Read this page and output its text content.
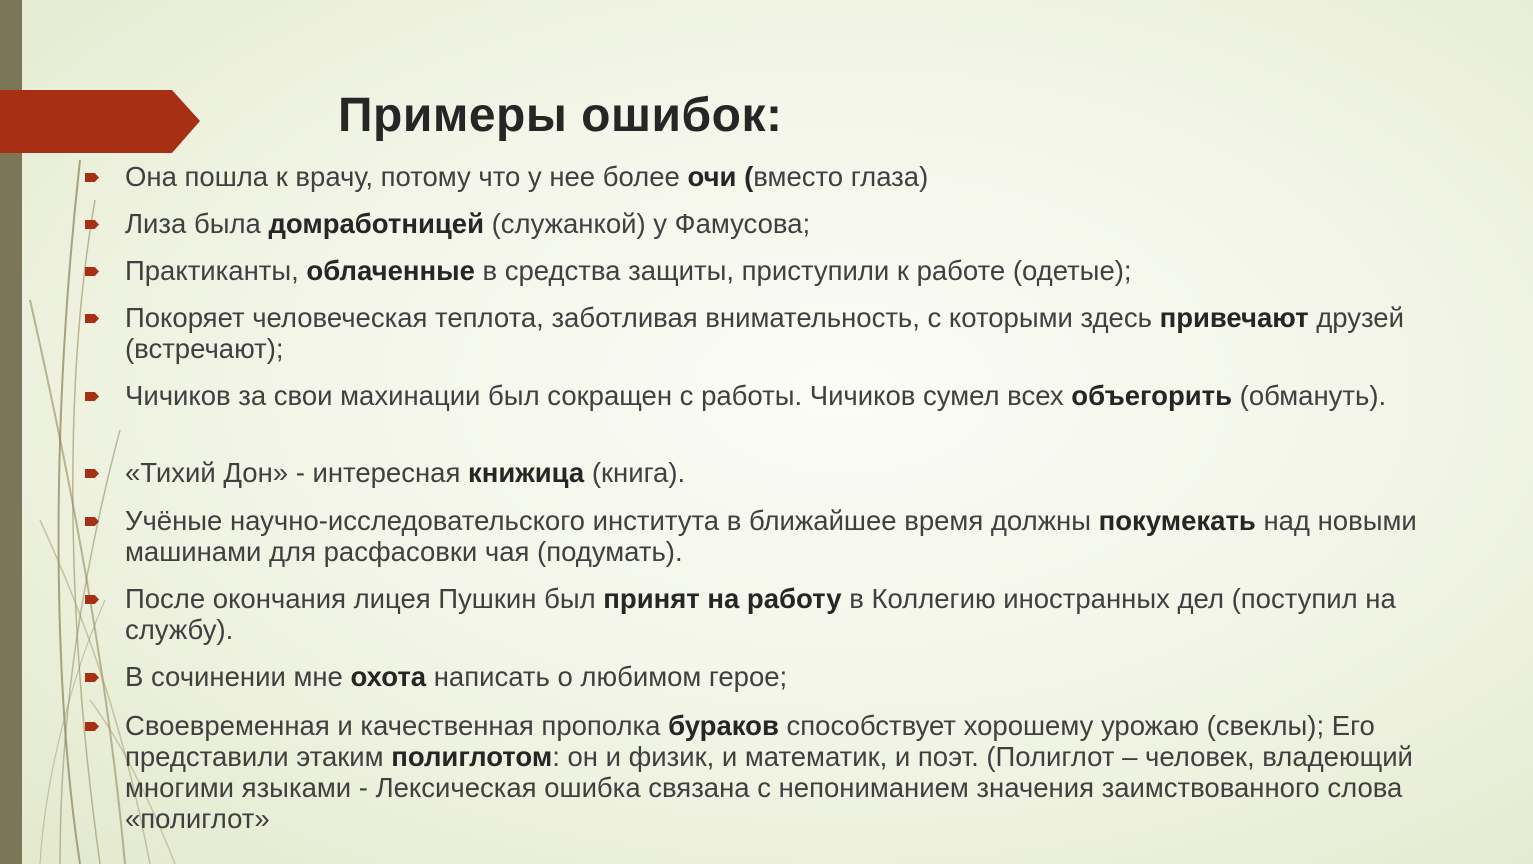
Примеры ошибок:
Она пошла к врачу, потому что у нее более очи (вместо глаза)
Лиза была домработницей (служанкой) у Фамусова;
Практиканты, облаченные в средства защиты, приступили к работе (одетые);
Покоряет человеческая теплота, заботливая внимательность, с которыми здесь привечают друзей (встречают);
Чичиков за свои махинации был сокращен с работы. Чичиков сумел всех объегорить (обмануть).
«Тихий Дон» - интересная книжица (книга).
Учёные научно-исследовательского института в ближайшее время должны покумекать над новыми машинами для расфасовки чая (подумать).
После окончания лицея Пушкин был принят на работу в Коллегию иностранных дел (поступил на службу).
В сочинении мне охота написать о любимом герое;
Своевременная и качественная прополка бураков способствует хорошему урожаю (свеклы); Его представили этаким полиглотом: он и физик, и математик, и поэт. (Полиглот – человек, владеющий многими языками - Лексическая ошибка связана с непониманием значения заимствованного слова «полиглот»
